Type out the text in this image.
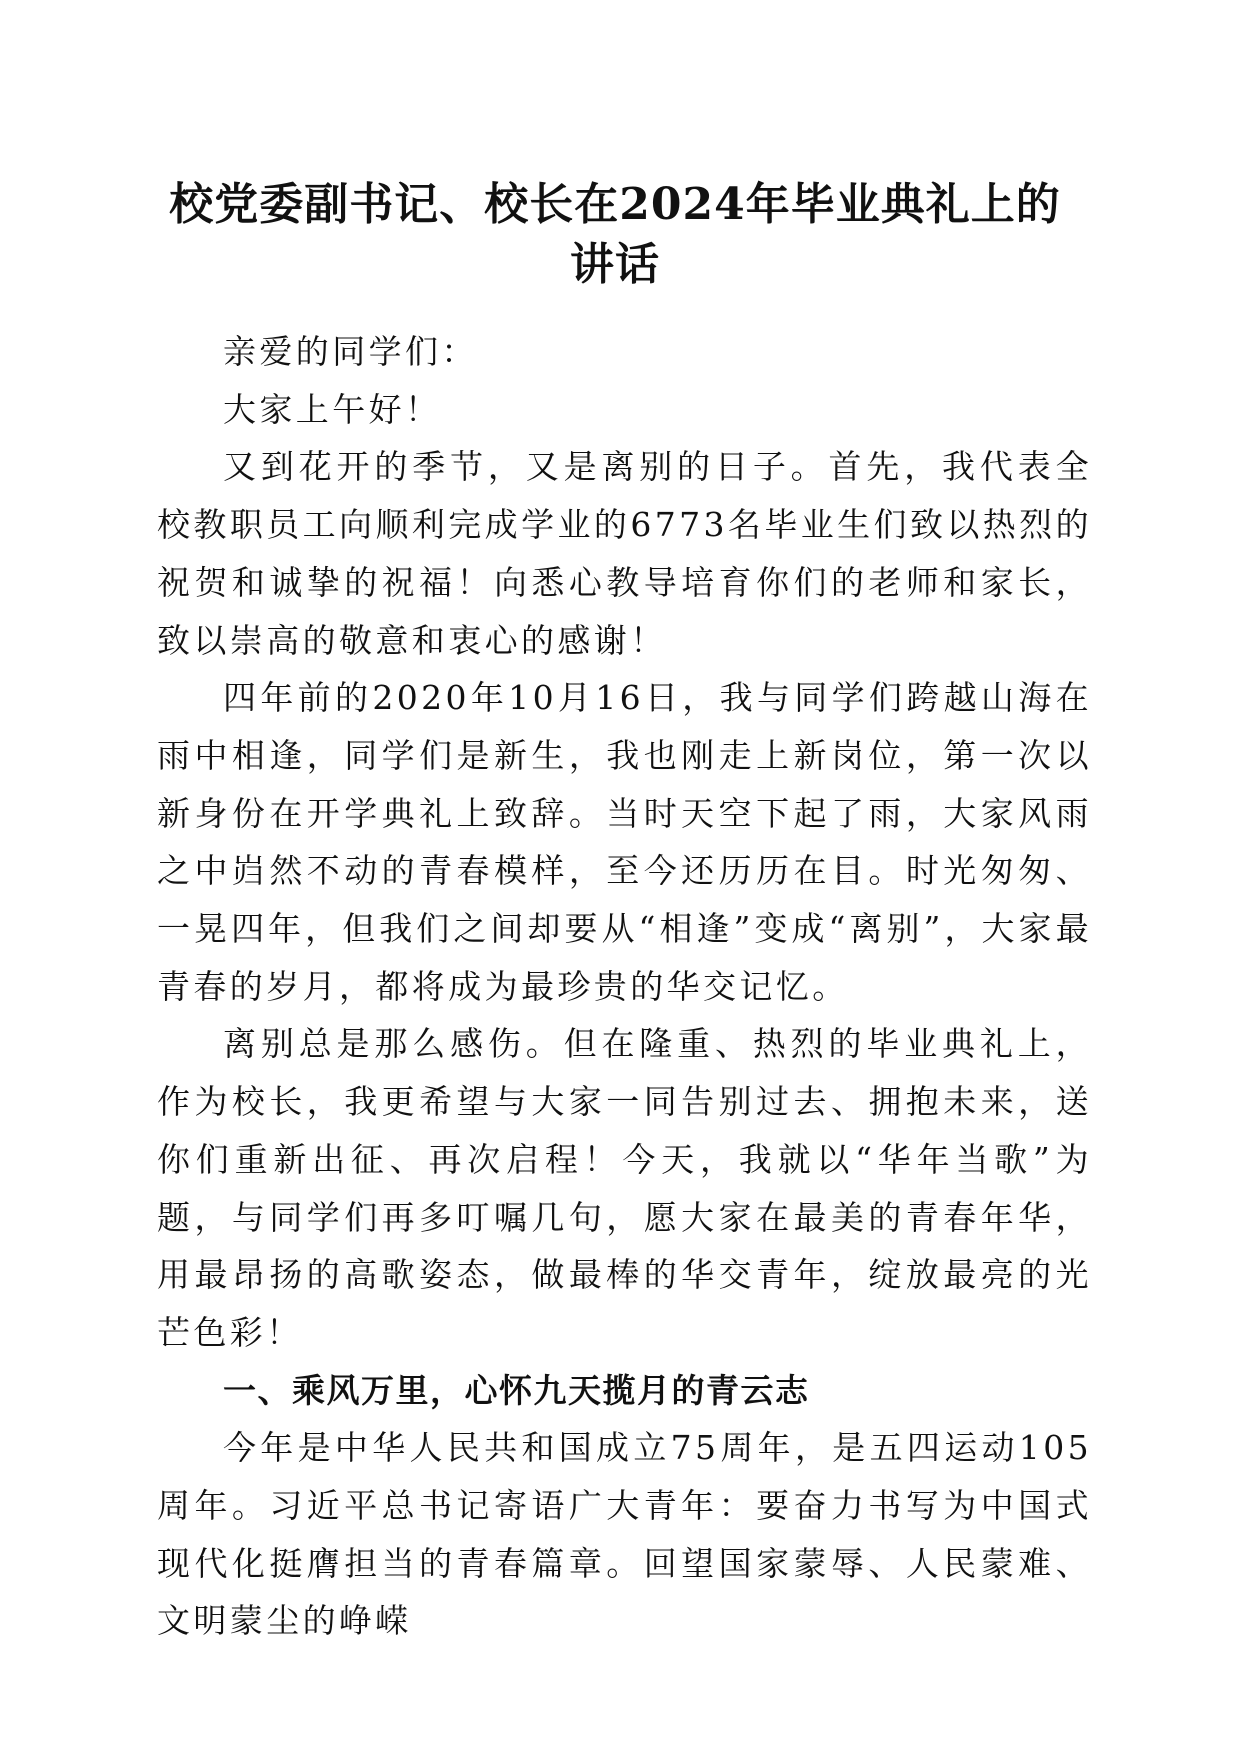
校党委副书记、校长在2024年毕业典礼上的讲话

亲爱的同学们：

大家上午好！

又到花开的季节，又是离别的日子。首先，我代表全校教职员工向顺利完成学业的6773名毕业生们致以热烈的祝贺和诚挚的祝福！向悉心教导培育你们的老师和家长，致以崇高的敬意和衷心的感谢！

四年前的2020年10月16日，我与同学们跨越山海在雨中相逢，同学们是新生，我也刚走上新岗位，第一次以新身份在开学典礼上致辞。当时天空下起了雨，大家风雨之中岿然不动的青春模样，至今还历历在目。时光匆匆、一晃四年，但我们之间却要从“相逢”变成“离别”，大家最青春的岁月，都将成为最珍贵的华交记忆。

离别总是那么感伤。但在隆重、热烈的毕业典礼上，作为校长，我更希望与大家一同告别过去、拥抱未来，送你们重新出征、再次启程！今天，我就以“华年当歌”为题，与同学们再多叮嘱几句，愿大家在最美的青春年华，用最昂扬的高歌姿态，做最棒的华交青年，绽放最亮的光芒色彩！

一、乘风万里，心怀九天揽月的青云志

今年是中华人民共和国成立75周年，是五四运动105周年。习近平总书记寄语广大青年：要奋力书写为中国式现代化挺膺担当的青春篇章。回望国家蒙辱、人民蒙难、文明蒙尘的峥嵘
